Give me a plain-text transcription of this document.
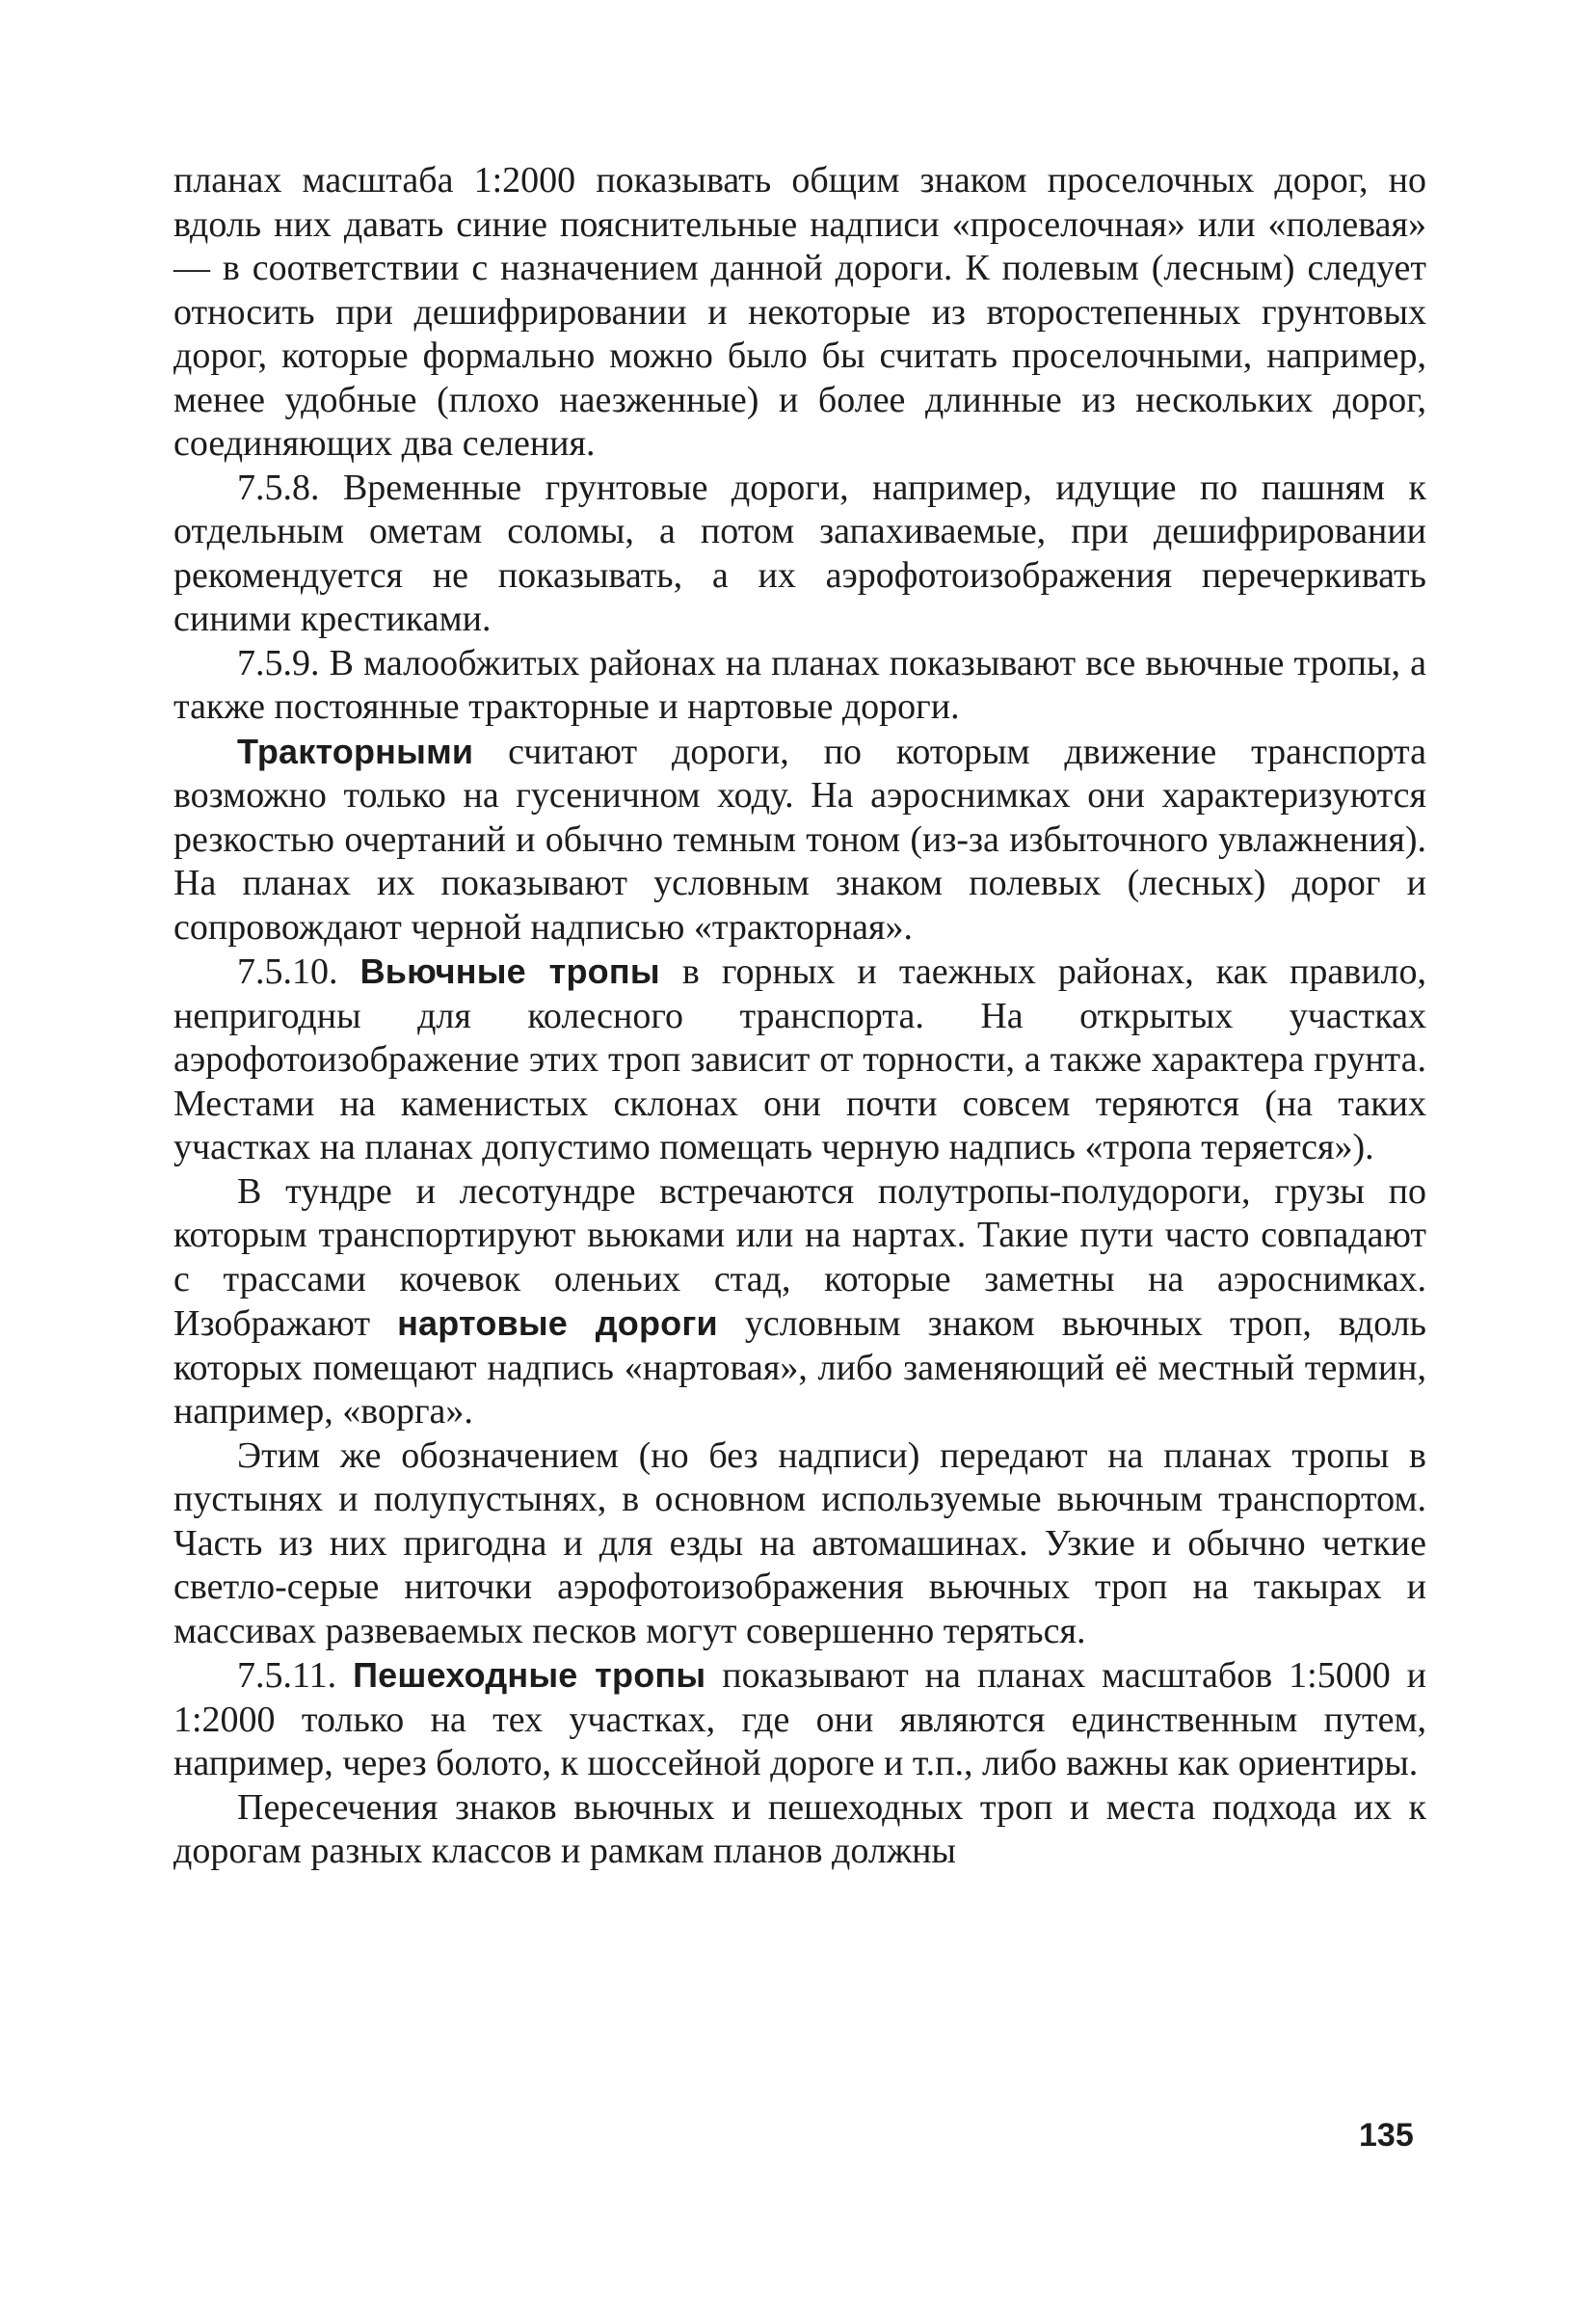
планах масштаба 1:2000 показывать общим знаком проселочных дорог, но вдоль них давать синие пояснительные надписи «проселочная» или «полевая» — в соответствии с назначением данной дороги. К полевым (лесным) следует относить при дешифрировании и некоторые из второстепенных грунтовых дорог, которые формально можно было бы считать проселочными, например, менее удобные (плохо наезженные) и более длинные из нескольких дорог, соединяющих два селения.

7.5.8. Временные грунтовые дороги, например, идущие по пашням к отдельным ометам соломы, а потом запахиваемые, при дешифрировании рекомендуется не показывать, а их аэрофотоизображения перечеркивать синими крестиками.

7.5.9. В малообжитых районах на планах показывают все вьючные тропы, а также постоянные тракторные и нартовые дороги.

Тракторными считают дороги, по которым движение транспорта возможно только на гусеничном ходу. На аэроснимках они характеризуются резкостью очертаний и обычно темным тоном (из-за избыточного увлажнения). На планах их показывают условным знаком полевых (лесных) дорог и сопровождают черной надписью «тракторная».

7.5.10. Вьючные тропы в горных и таежных районах, как правило, непригодны для колесного транспорта. На открытых участках аэрофотоизображение этих троп зависит от торности, а также характера грунта. Местами на каменистых склонах они почти совсем теряются (на таких участках на планах допустимо помещать черную надпись «тропа теряется»).

В тундре и лесотундре встречаются полутропы-полудороги, грузы по которым транспортируют вьюками или на нартах. Такие пути часто совпадают с трассами кочевок оленьих стад, которые заметны на аэроснимках. Изображают нартовые дороги условным знаком вьючных троп, вдоль которых помещают надпись «нартовая», либо заменяющий её местный термин, например, «ворга».

Этим же обозначением (но без надписи) передают на планах тропы в пустынях и полупустынях, в основном используемые вьючным транспортом. Часть из них пригодна и для езды на автомашинах. Узкие и обычно четкие светло-серые ниточки аэрофотоизображения вьючных троп на такырах и массивах развеваемых песков могут совершенно теряться.

7.5.11. Пешеходные тропы показывают на планах масштабов 1:5000 и 1:2000 только на тех участках, где они являются единственным путем, например, через болото, к шоссейной дороге и т.п., либо важны как ориентиры.

Пересечения знаков вьючных и пешеходных троп и места подхода их к дорогам разных классов и рамкам планов должны

135
